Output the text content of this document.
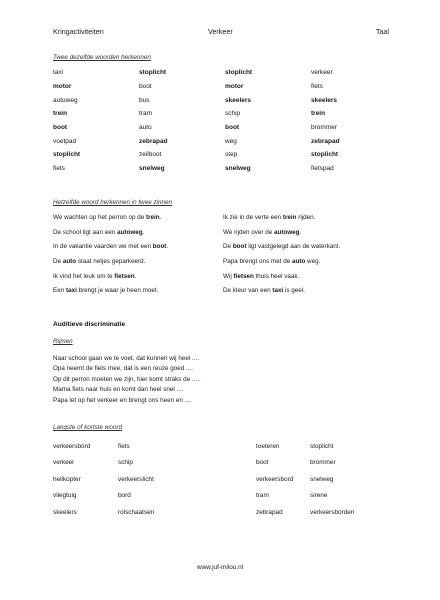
Kringactiviteiten	Verkeer	Taal
Twee dezelfde woorden herkennen
taxi	stoplicht	stoplicht	verkeer
motor	boot	motor	fiets
autoweg	bus	skeelers	skeelers
trein	tram	schip	trein
boot	auto	boot	brommer
voetpad	zebrapad	weg	zebrapad
stoplicht	zeilboot	step	stoplicht
fiets	snelweg	snelweg	fietspad
Hetzelfde woord herkennen in twee zinnen
We wachten op het perron op de trein.	Ik zie in de verte een trein rijden.
De school ligt aan een autoweg.	We rijden over de autoweg.
In de vakantie vaarden we met een boot.	De boot ligt vastgelegd aan de waterkant.
De auto staat netjes geparkeerd.	Papa brengt ons met de auto weg.
Ik vind het leuk om te fietsen.	Wij fietsen thuis heel vaak.
Een taxi brengt je waar je heen moet.	De kleur van een taxi is geel.
Auditieve discriminatie
Rijmen
Naar school gaan we te voet, dat kunnen wij heel ....
Opa neemt de fiets mee, dat is een reuze goed ....
Op dit perron moeten we zijn, hier komt straks de .....
Mama fiets naar huis en komt dan heel snel ....
Papa let op het verkeer en brengt ons heen en ....
Langste of kortste woord
verkeersbord	fiets	toeteren	stoplicht
verkeer	schip	boot	brommer
helikopter	verkeerslicht	verkeersbord	snelweg
vliegtuig	bord	tram	sirene
skeelers	rolschaatsen	zebrapad	verkeersborden
www.juf-milou.nl
